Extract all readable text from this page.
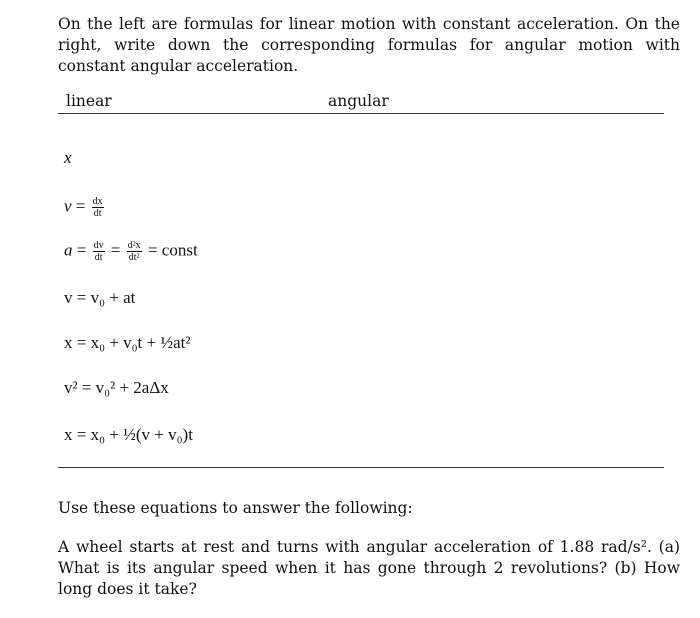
On the left are formulas for linear motion with constant acceleration. On the right, write down the corresponding formulas for angular motion with constant angular acceleration.
linear	angular
x
$v = \frac{dx}{dt}$
$a = \frac{dv}{dt} = \frac{\text{d²x}}{\text{dt²}}$ = const
v = v₀ + at
x = x₀ + v₀t + ½at²
v² = v₀² + 2aΔx
x = x₀ + ½(v + v₀)t
Use these equations to answer the following:
A wheel starts at rest and turns with angular acceleration of 1.88 rad/s². (a) What is its angular speed when it has gone through 2 revolutions? (b) How long does it take?
